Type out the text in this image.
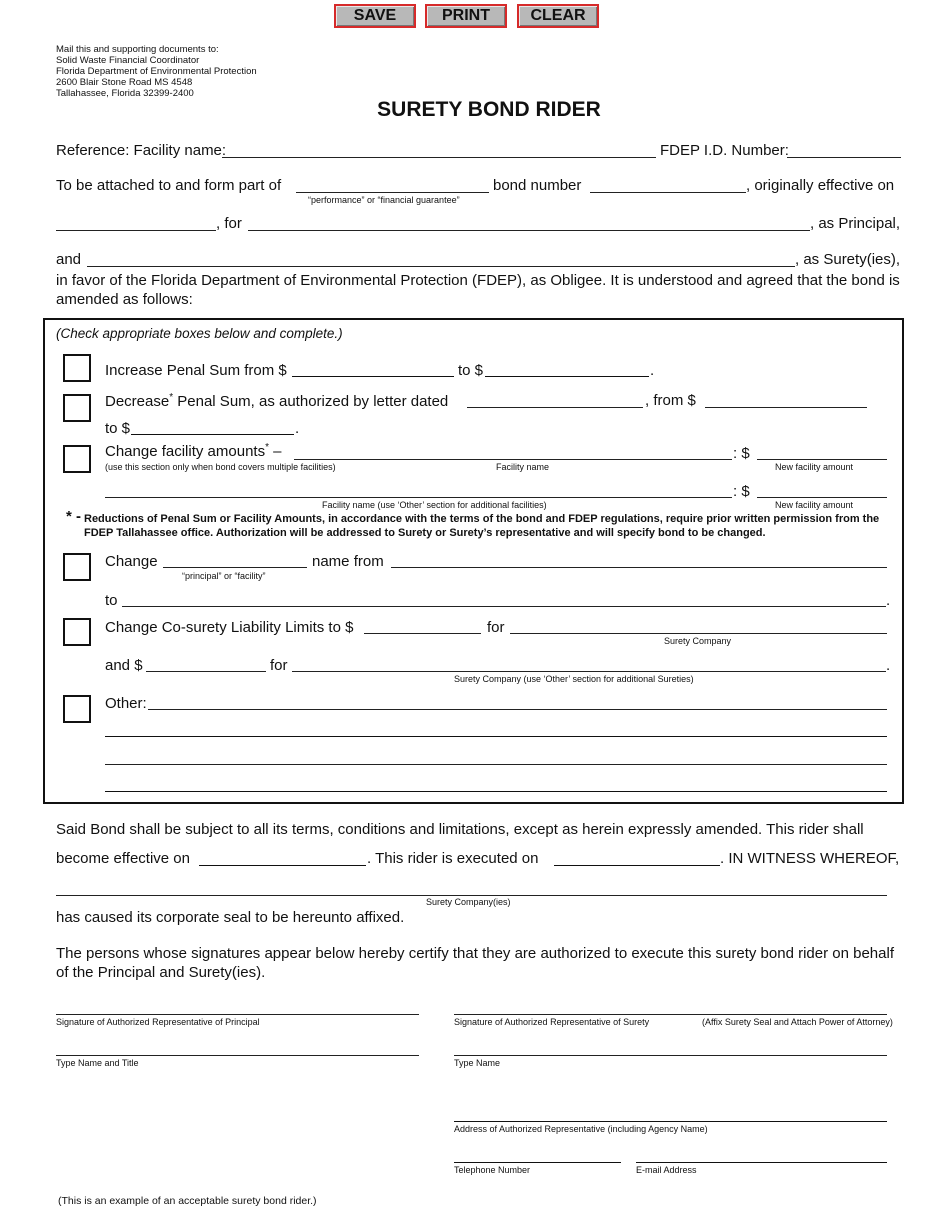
SAVE	PRINT	CLEAR
Mail this and supporting documents to:
Solid Waste Financial Coordinator
Florida Department of Environmental Protection
2600 Blair Stone Road MS 4548
Tallahassee, Florida 32399-2400
SURETY BOND RIDER
Reference: Facility name:	FDEP I.D. Number:
To be attached to and form part of
“performance” or “financial guarantee”
bond number	, originally effective on
, for	, as Principal,
and	, as Surety(ies),
in favor of the Florida Department of Environmental Protection (FDEP), as Obligee. It is understood and agreed that the bond is amended as follows:
(Check appropriate boxes below and complete.)
Increase Penal Sum from $	to $	.
Decrease* Penal Sum, as authorized by letter dated	, from $
to $	.
Change facility amounts* –
(use this section only when bond covers multiple facilities)	Facility name
: $
New facility amount
Facility name (use ‘Other’ section for additional facilities)
: $
New facility amount
* - Reductions of Penal Sum or Facility Amounts, in accordance with the terms of the bond and FDEP regulations, require prior written permission from the FDEP Tallahassee office. Authorization will be addressed to Surety or Surety’s representative and will specify bond to be changed.
Change
“principal” or “facility”
name from
to	.
Change Co-surety Liability Limits to $	for
Surety Company
and $	for	.
Surety Company (use ‘Other’ section for additional Sureties)
Other:
Said Bond shall be subject to all its terms, conditions and limitations, except as herein expressly amended. This rider shall
become effective on	. This rider is executed on	. IN WITNESS WHEREOF,
Surety Company(ies)
has caused its corporate seal to be hereunto affixed.
The persons whose signatures appear below hereby certify that they are authorized to execute this surety bond rider on behalf of the Principal and Surety(ies).
Signature of Authorized Representative of Principal	Signature of Authorized Representative of Surety	(Affix Surety Seal and Attach Power of Attorney)
Type Name and Title	Type Name
Address of Authorized Representative (including Agency Name)
Telephone Number	E-mail Address
(This is an example of an acceptable surety bond rider.)
